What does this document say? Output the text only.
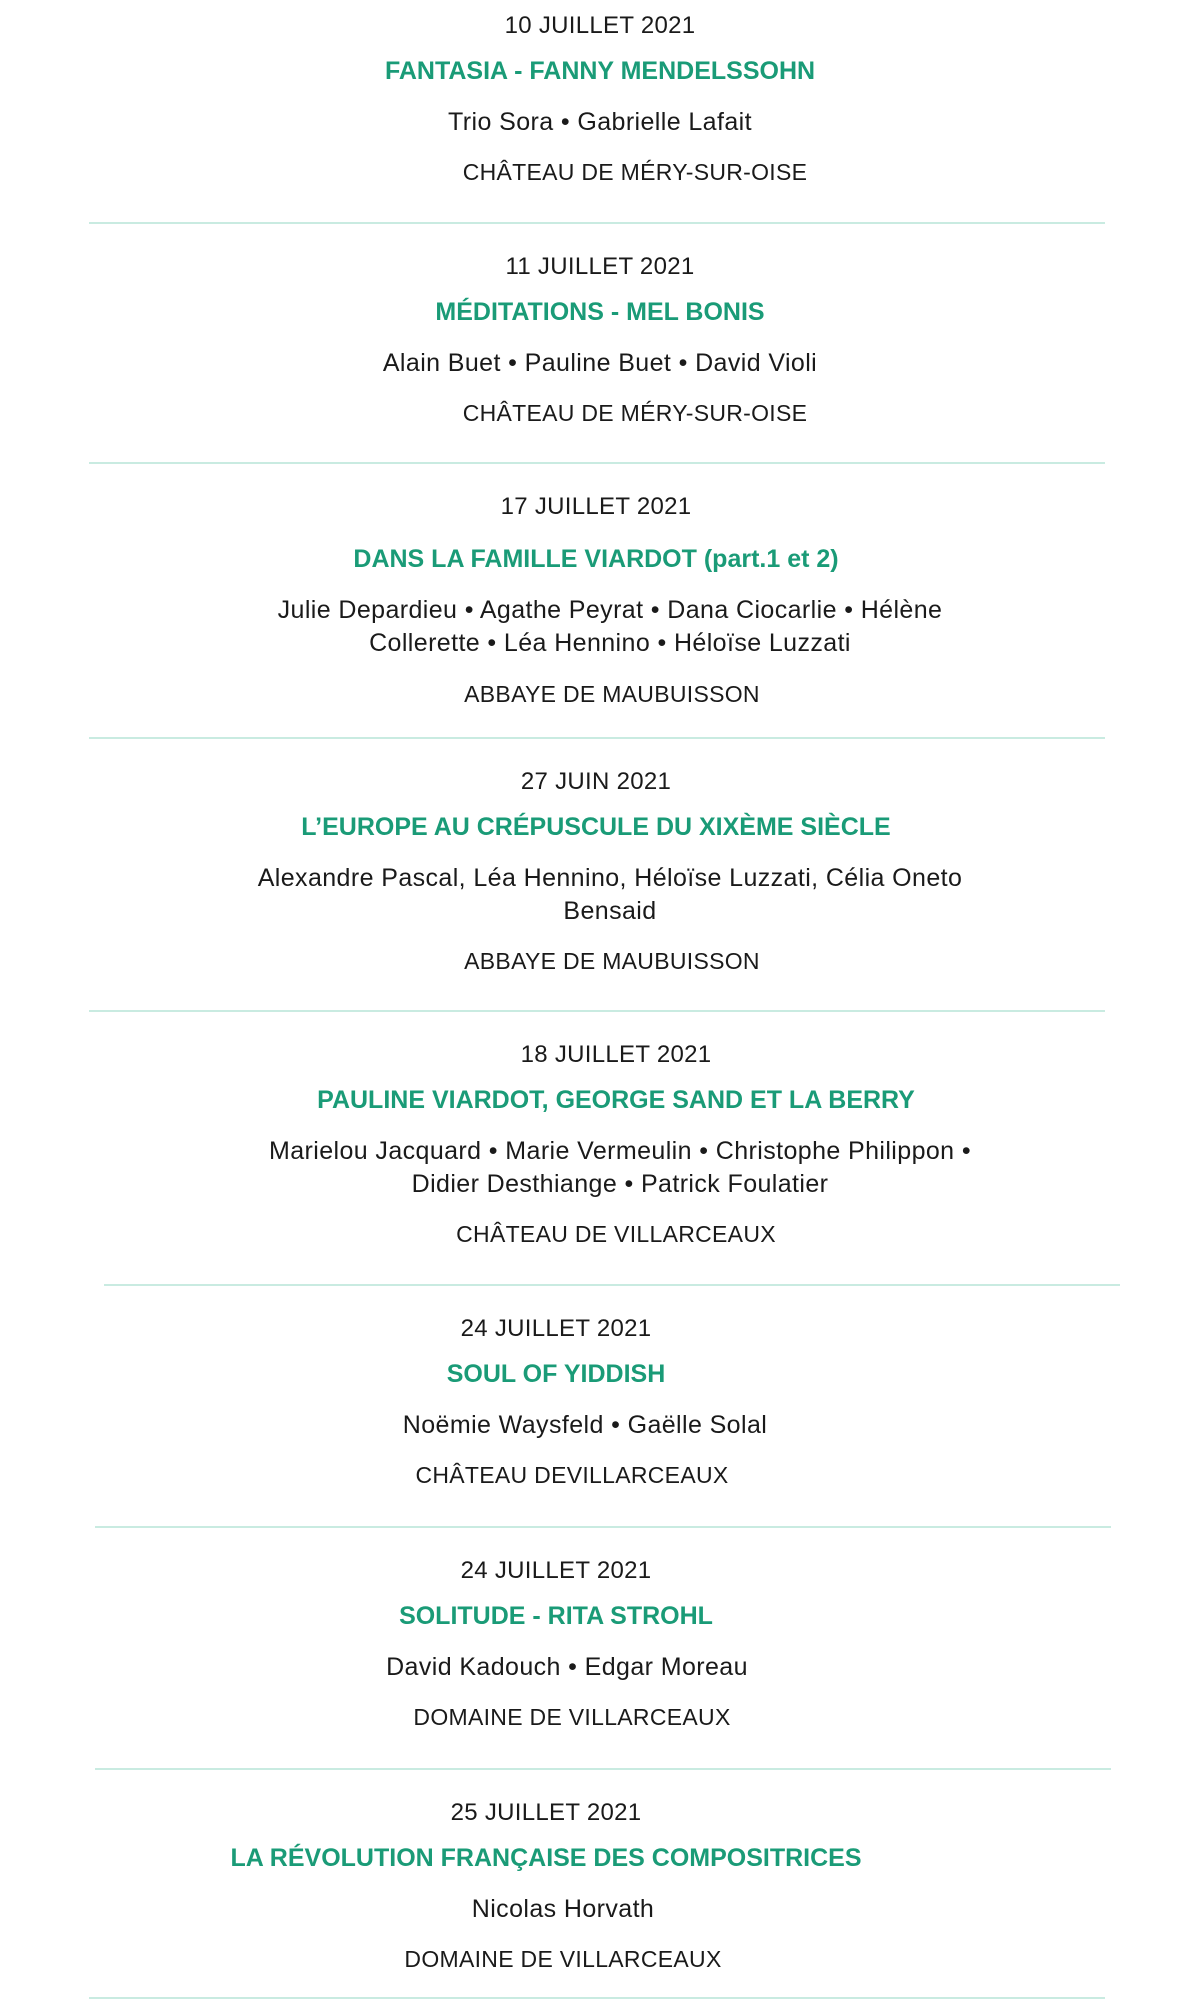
10 JUILLET 2021
FANTASIA - FANNY MENDELSSOHN
Trio Sora • Gabrielle Lafait
CHÂTEAU DE MÉRY-SUR-OISE
11 JUILLET 2021
MÉDITATIONS - MEL BONIS
Alain Buet • Pauline Buet • David Violi
CHÂTEAU DE MÉRY-SUR-OISE
17 JUILLET 2021
DANS LA FAMILLE VIARDOT (part.1 et 2)
Julie Depardieu • Agathe Peyrat • Dana Ciocarlie • Hélène Collerette • Léa Hennino • Héloïse Luzzati
ABBAYE DE MAUBUISSON
27 JUIN 2021
L’EUROPE AU CRÉPUSCULE DU XIXÈME SIÈCLE
Alexandre Pascal, Léa Hennino, Héloïse Luzzati, Célia Oneto Bensaid
ABBAYE DE MAUBUISSON
18 JUILLET 2021
PAULINE VIARDOT, GEORGE SAND ET LA BERRY
Marielou Jacquard • Marie Vermeulin • Christophe Philippon • Didier Desthiange • Patrick Foulatier
CHÂTEAU DE VILLARCEAUX
24 JUILLET 2021
SOUL OF YIDDISH
Noëmie Waysfeld • Gaëlle Solal
CHÂTEAU DEVILLARCEAUX
24 JUILLET 2021
SOLITUDE - RITA STROHL
David Kadouch • Edgar Moreau
DOMAINE DE VILLARCEAUX
25 JUILLET 2021
LA RÉVOLUTION FRANÇAISE DES COMPOSITRICES
Nicolas Horvath
DOMAINE DE VILLARCEAUX
